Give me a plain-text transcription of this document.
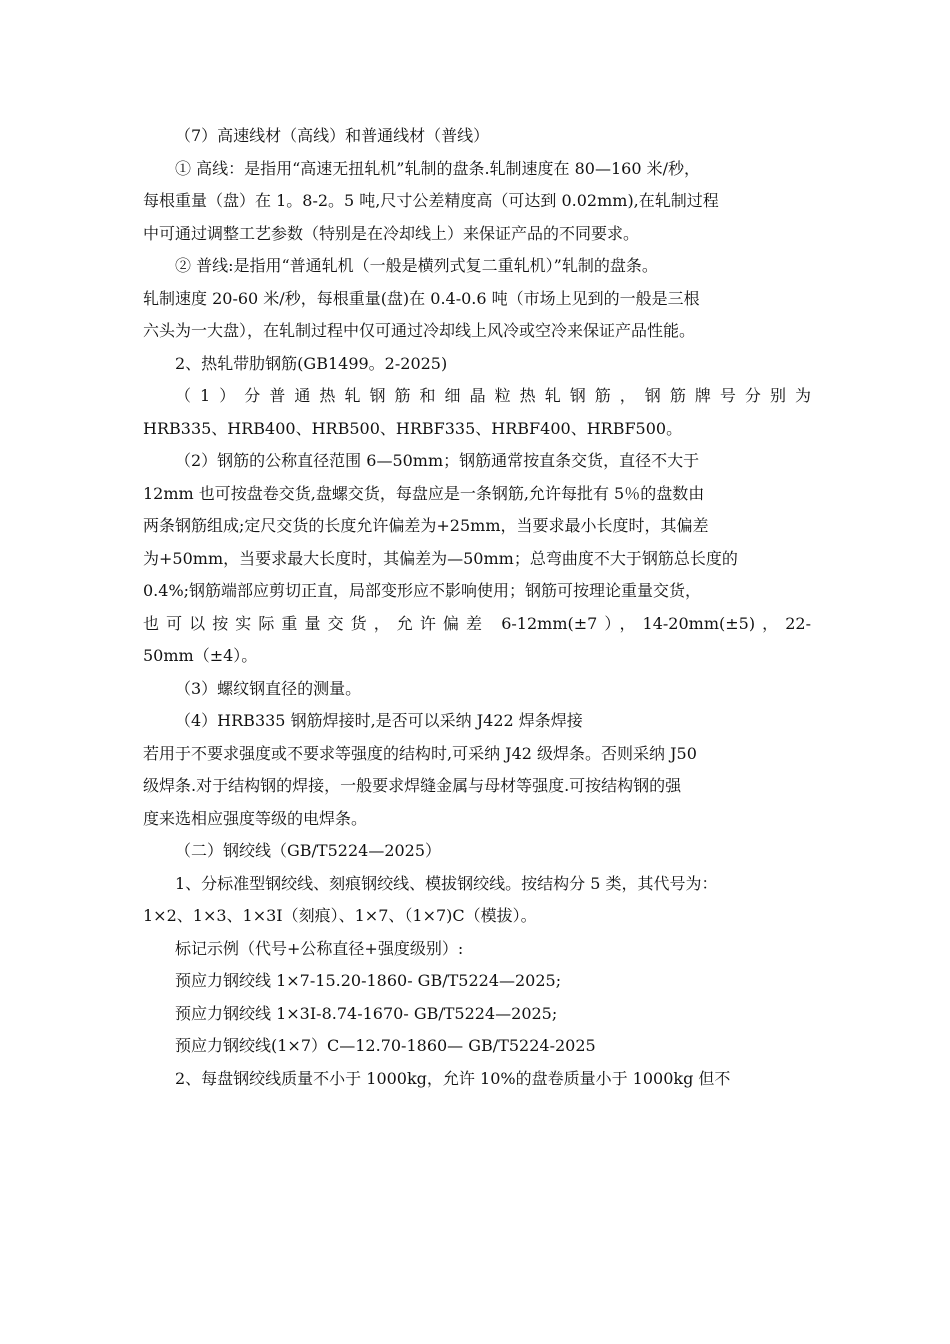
（7）高速线材（高线）和普通线材（普线）

① 高线：是指用“高速无扭轧机”轧制的盘条.轧制速度在 80—160 米/秒，

每根重量（盘）在 1。8-2。5 吨,尺寸公差精度高（可达到 0.02mm),在轧制过程

中可通过调整工艺参数（特别是在冷却线上）来保证产品的不同要求。

② 普线:是指用“普通轧机（一般是横列式复二重轧机）”轧制的盘条。

轧制速度 20-60 米/秒，每根重量(盘)在 0.4-0.6 吨（市场上见到的一般是三根

六头为一大盘），在轧制过程中仅可通过冷却线上风冷或空冷来保证产品性能。

2、热轧带肋钢筋(GB1499。2-2025)

（1）分普通热轧钢筋和细晶粒热轧钢筋，钢筋牌号分别为

HRB335、HRB400、HRB500、HRBF335、HRBF400、HRBF500。

（2）钢筋的公称直径范围 6—50mm；钢筋通常按直条交货，直径不大于

12mm 也可按盘卷交货,盘螺交货，每盘应是一条钢筋,允许每批有 5％的盘数由

两条钢筋组成;定尺交货的长度允许偏差为+25mm，当要求最小长度时，其偏差

为+50mm，当要求最大长度时，其偏差为—50mm；总弯曲度不大于钢筋总长度的

0.4%;钢筋端部应剪切正直，局部变形应不影响使用；钢筋可按理论重量交货，

也可以按实际重量交货，允许偏差 6-12mm(±7），14-20mm(±5)，22-

50mm（±4）。

（3）螺纹钢直径的测量。

（4）HRB335 钢筋焊接时,是否可以采纳 J422 焊条焊接

若用于不要求强度或不要求等强度的结构时,可采纳 J42 级焊条。否则采纳 J50

级焊条.对于结构钢的焊接，一般要求焊缝金属与母材等强度.可按结构钢的强

度来选相应强度等级的电焊条。

（二）钢绞线（GB/T5224—2025）

1、分标准型钢绞线、刻痕钢绞线、模拔钢绞线。按结构分 5 类，其代号为：

1×2、1×3、1×3I（刻痕）、1×7、（1×7)C（模拔）。

标记示例（代号+公称直径+强度级别）:

预应力钢绞线 1×7-15.20-1860- GB/T5224—2025;

预应力钢绞线 1×3I-8.74-1670- GB/T5224—2025;

预应力钢绞线(1×7）C—12.70-1860— GB/T5224-2025

2、每盘钢绞线质量不小于 1000kg，允许 10%的盘卷质量小于 1000kg 但不
